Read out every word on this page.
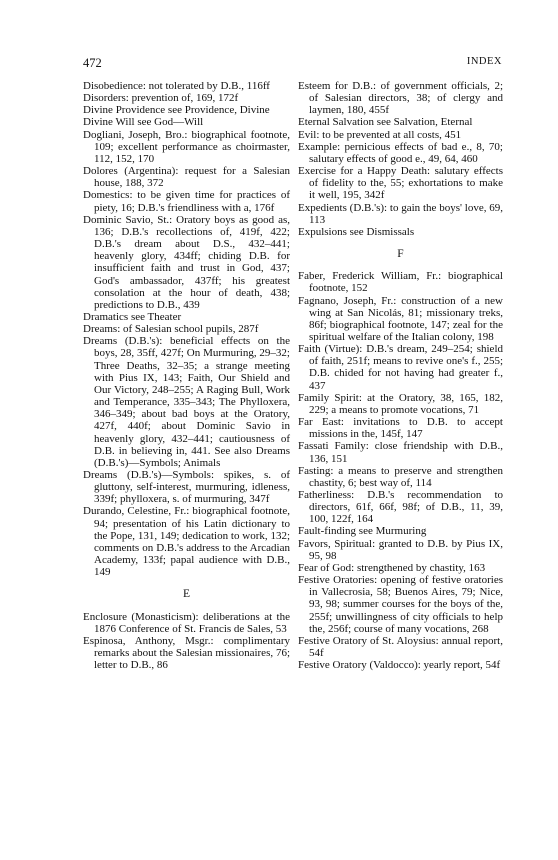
472	INDEX

Disobedience: not tolerated by D.B., 116ff

Disorders: prevention of, 169, 172f

Divine Providence see Providence, Divine

Divine Will see God—Will

Dogliani, Joseph, Bro.: biographical footnote, 109; excellent performance as choirmaster, 112, 152, 170

Dolores (Argentina): request for a Salesian house, 188, 372

Domestics: to be given time for practices of piety, 16; D.B.'s friendliness with a, 176f

Dominic Savio, St.: Oratory boys as good as, 136; D.B.'s recollections of, 419f, 422; D.B.'s dream about D.S., 432–441; heavenly glory, 434ff; chiding D.B. for insufficient faith and trust in God, 437; God's ambassador, 437ff; his greatest consolation at the hour of death, 438; predictions to D.B., 439

Dramatics see Theater

Dreams: of Salesian school pupils, 287f

Dreams (D.B.'s): beneficial effects on the boys, 28, 35ff, 427f; On Murmuring, 29–32; Three Deaths, 32–35; a strange meeting with Pius IX, 143; Faith, Our Shield and Our Victory, 248–255; A Raging Bull, Work and Temperance, 335–343; The Phylloxera, 346–349; about bad boys at the Oratory, 427f, 440f; about Dominic Savio in heavenly glory, 432–441; cautiousness of D.B. in believing in, 441. See also Dreams (D.B.'s)—Symbols; Animals

Dreams (D.B.'s)—Symbols: spikes, s. of gluttony, self-interest, murmuring, idleness, 339f; phylloxera, s. of murmuring, 347f

Durando, Celestine, Fr.: biographical footnote, 94; presentation of his Latin dictionary to the Pope, 131, 149; dedication to work, 132; comments on D.B.'s address to the Arcadian Academy, 133f; papal audience with D.B., 149

E

Enclosure (Monasticism): deliberations at the 1876 Conference of St. Francis de Sales, 53

Espinosa, Anthony, Msgr.: complimentary remarks about the Salesian missionaires, 76; letter to D.B., 86

Esteem for D.B.: of government officials, 2; of Salesian directors, 38; of clergy and laymen, 180, 455f

Eternal Salvation see Salvation, Eternal

Evil: to be prevented at all costs, 451

Example: pernicious effects of bad e., 8, 70; salutary effects of good e., 49, 64, 460

Exercise for a Happy Death: salutary effects of fidelity to the, 55; exhortations to make it well, 195, 342f

Expedients (D.B.'s): to gain the boys' love, 69, 113

Expulsions see Dismissals

F

Faber, Frederick William, Fr.: biographical footnote, 152

Fagnano, Joseph, Fr.: construction of a new wing at San Nicolás, 81; missionary treks, 86f; biographical footnote, 147; zeal for the spiritual welfare of the Italian colony, 198

Faith (Virtue): D.B.'s dream, 249–254; shield of faith, 251f; means to revive one's f., 255; D.B. chided for not having had greater f., 437

Family Spirit: at the Oratory, 38, 165, 182, 229; a means to promote vocations, 71

Far East: invitations to D.B. to accept missions in the, 145f, 147

Fassati Family: close friendship with D.B., 136, 151

Fasting: a means to preserve and strengthen chastity, 6; best way of, 114

Fatherliness: D.B.'s recommendation to directors, 61f, 66f, 98f; of D.B., 11, 39, 100, 122f, 164

Fault-finding see Murmuring

Favors, Spiritual: granted to D.B. by Pius IX, 95, 98

Fear of God: strengthened by chastity, 163

Festive Oratories: opening of festive oratories in Vallecrosia, 58; Buenos Aires, 79; Nice, 93, 98; summer courses for the boys of the, 255f; unwillingness of city officials to help the, 256f; course of many vocations, 268

Festive Oratory of St. Aloysius: annual report, 54f

Festive Oratory (Valdocco): yearly report, 54f
